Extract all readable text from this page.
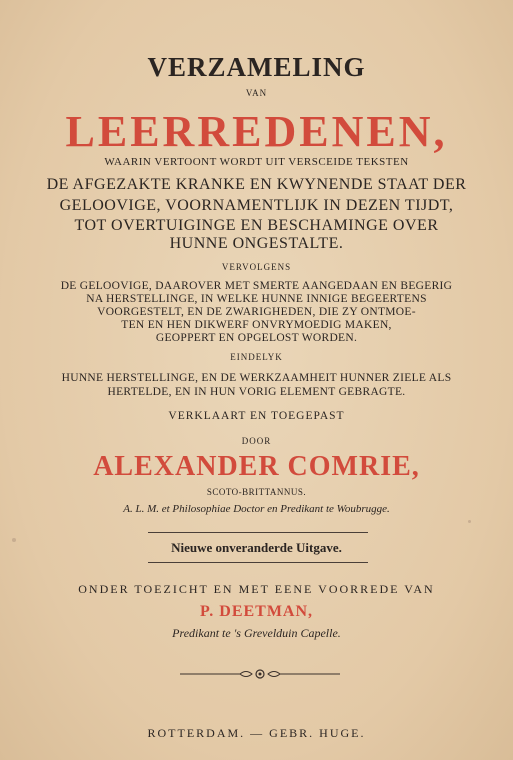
VERZAMELING
VAN
LEERREDENEN,
WAARIN VERTOONT WORDT UIT VERSCEIDE TEKSTEN
DE AFGEZAKTE KRANKE EN KWYNENDE STAAT DER
GELOOVIGE, VOORNAMENTLIJK IN DEZEN TIJDT,
TOT OVERTUIGINGE EN BESCHAMINGE OVER
HUNNE ONGESTALTE.
VERVOLGENS
DE GELOOVIGE, DAAROVER MET SMERTE AANGEDAAN EN BEGERIG
NA HERSTELLINGE, IN WELKE HUNNE INNIGE BEGEERTENS
VOORGESTELT, EN DE ZWARIGHEDEN, DIE ZY ONTMOE-
TEN EN HEN DIKWERF ONVRYMOEDIG MAKEN,
GEOPPERT EN OPGELOST WORDEN.
EINDELYK
HUNNE HERSTELLINGE, EN DE WERKZAAMHEIT HUNNER ZIELE ALS
HERTELDE, EN IN HUN VORIG ELEMENT GEBRAGTE.
VERKLAART EN TOEGEPAST
DOOR
ALEXANDER COMRIE,
SCOTO-BRITTANNUS.
A. L. M. et Philosophiae Doctor en Predikant te Woubrugge.
Nieuwe onveranderde Uitgave.
ONDER TOEZICHT EN MET EENE VOORREDE VAN
P. DEETMAN,
Predikant te 's Grevelduin Capelle.
ROTTERDAM. — GEBR. HUGE.
